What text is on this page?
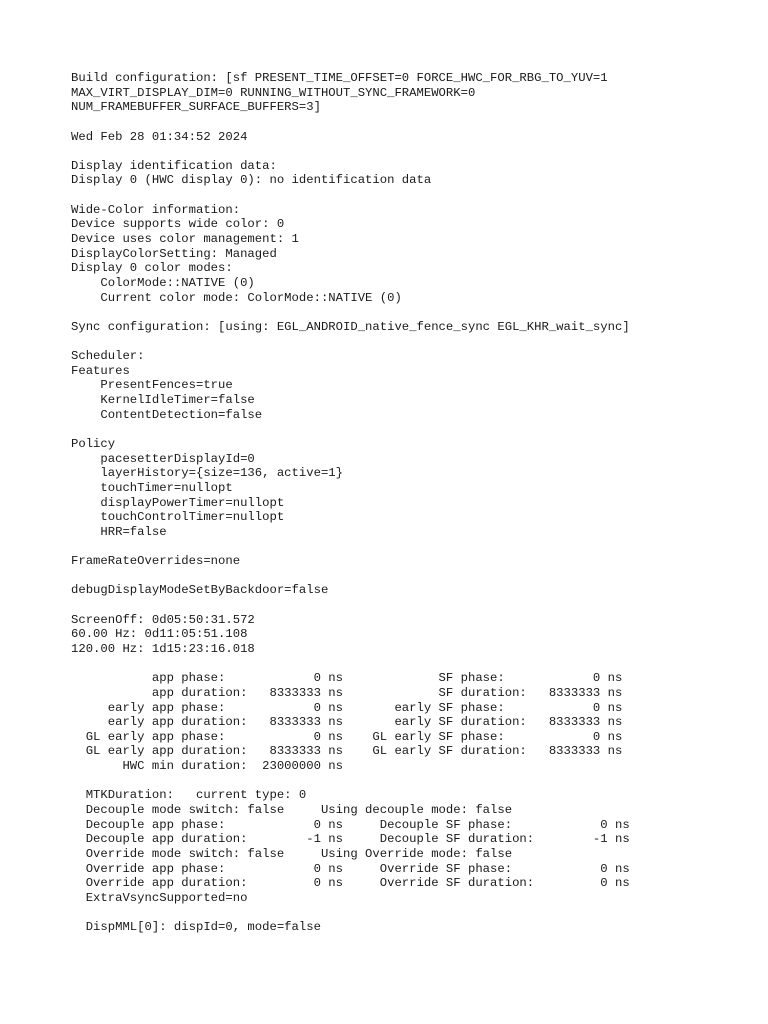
Build configuration: [sf PRESENT_TIME_OFFSET=0 FORCE_HWC_FOR_RBG_TO_YUV=1
MAX_VIRT_DISPLAY_DIM=0 RUNNING_WITHOUT_SYNC_FRAMEWORK=0
NUM_FRAMEBUFFER_SURFACE_BUFFERS=3]
Wed Feb 28 01:34:52 2024
Display identification data:
Display 0 (HWC display 0): no identification data
Wide-Color information:
Device supports wide color: 0
Device uses color management: 1
DisplayColorSetting: Managed
Display 0 color modes:
ColorMode::NATIVE (0)
Current color mode: ColorMode::NATIVE (0)
Sync configuration: [using: EGL_ANDROID_native_fence_sync EGL_KHR_wait_sync]
Scheduler:
Features
PresentFences=true
KernelIdleTimer=false
ContentDetection=false
Policy
pacesetterDisplayId=0
layerHistory={size=136, active=1}
touchTimer=nullopt
displayPowerTimer=nullopt
touchControlTimer=nullopt
HRR=false
FrameRateOverrides=none
debugDisplayModeSetByBackdoor=false
ScreenOff: 0d05:50:31.572
60.00 Hz: 0d11:05:51.108
120.00 Hz: 1d15:23:16.018
app phase:            0 ns             SF phase:            0 ns
app duration:   8333333 ns             SF duration:   8333333 ns
early app phase:            0 ns       early SF phase:            0 ns
early app duration:   8333333 ns       early SF duration:   8333333 ns
GL early app phase:            0 ns    GL early SF phase:            0 ns
GL early app duration:   8333333 ns    GL early SF duration:   8333333 ns
HWC min duration:  23000000 ns
MTKDuration:   current type: 0
Decouple mode switch: false     Using decouple mode: false
Decouple app phase:            0 ns     Decouple SF phase:            0 ns
Decouple app duration:        -1 ns     Decouple SF duration:        -1 ns
Override mode switch: false     Using Override mode: false
Override app phase:            0 ns     Override SF phase:            0 ns
Override app duration:         0 ns     Override SF duration:         0 ns
ExtraVsyncSupported=no
DispMML[0]: dispId=0, mode=false
